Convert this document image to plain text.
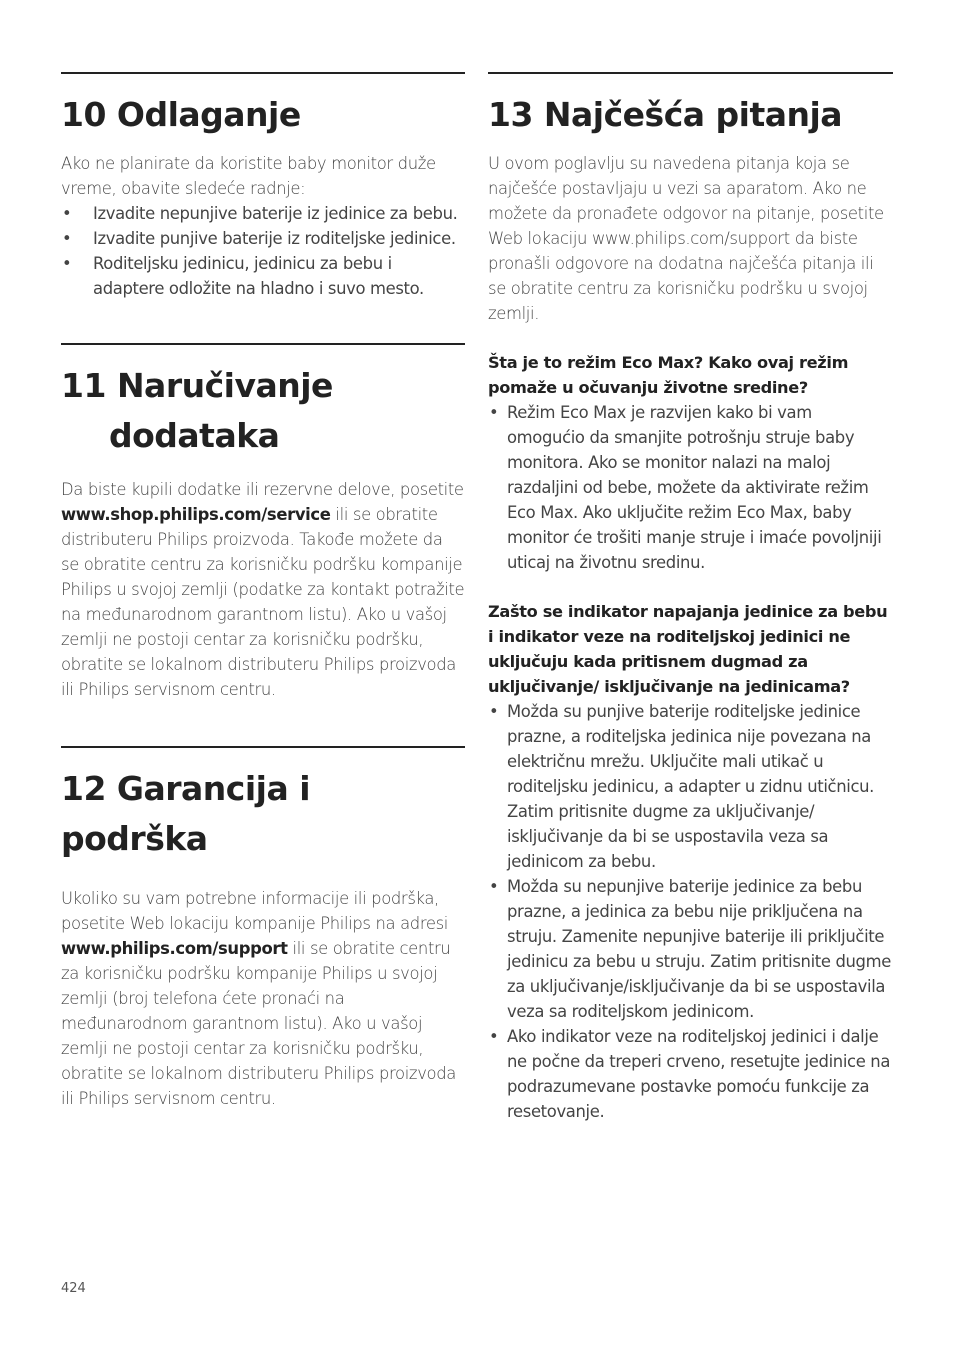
10 Odlaganje

Ako ne planirate da koristite baby monitor duže vreme, obavite sledeće radnje:

• Izvadite nepunjive baterije iz jedinice za bebu.
• Izvadite punjive baterije iz roditeljske jedinice.
• Roditeljsku jedinicu, jedinicu za bebu i adaptere odložite na hladno i suvo mesto.
11 Naručivanje
dodataka

Da biste kupili dodatke ili rezervne delove, posetite www.shop.philips.com/service ili se obratite distributeru Philips proizvoda. Takođe možete da se obratite centru za korisničku podršku kompanije Philips u svojoj zemlji (podatke za kontakt potražite na međunarodnom garantnom listu). Ako u vašoj zemlji ne postoji centar za korisničku podršku, obratite se lokalnom distributeru Philips proizvoda ili Philips servisnom centru.

12 Garancija i podrška

Ukoliko su vam potrebne informacije ili podrška, posetite Web lokaciju kompanije Philips na adresi www.philips.com/support ili se obratite centru za korisničku podršku kompanije Philips u svojoj zemlji (broj telefona ćete pronaći na međunarodnom garantnom listu). Ako u vašoj zemlji ne postoji centar za korisničku podršku, obratite se lokalnom distributeru Philips proizvoda ili Philips servisnom centru.

13 Najčešća pitanja

U ovom poglavlju su navedena pitanja koja se najčešće postavljaju u vezi sa aparatom. Ako ne možete da pronađete odgovor na pitanje, posetite Web lokaciju www.philips.com/support da biste pronašli odgovore na dodatna najčešća pitanja ili se obratite centru za korisničku podršku u svojoj zemlji.

Šta je to režim Eco Max? Kako ovaj režim pomaže u očuvanju životne sredine?
• Režim Eco Max je razvijen kako bi vam omogućio da smanjite potrošnju struje baby monitora. Ako se monitor nalazi na maloj razdaljini od bebe, možete da aktivirate režim Eco Max. Ako uključite režim Eco Max, baby monitor će trošiti manje struje i imaće povoljniji uticaj na životnu sredinu.
Zašto se indikator napajanja jedinice za bebu i indikator veze na roditeljskoj jedinici ne uključuju kada pritisnem dugmad za uključivanje/ isključivanje na jedinicama?
• Možda su punjive baterije roditeljske jedinice prazne, a roditeljska jedinica nije povezana na električnu mrežu. Uključite mali utikač u roditeljsku jedinicu, a adapter u zidnu utičnicu. Zatim pritisnite dugme za uključivanje/ isključivanje da bi se uspostavila veza sa jedinicom za bebu.
• Možda su nepunjive baterije jedinice za bebu prazne, a jedinica za bebu nije priključena na struju. Zamenite nepunjive baterije ili priključite jedinicu za bebu u struju. Zatim pritisnite dugme za uključivanje/isključivanje da bi se uspostavila veza sa roditeljskom jedinicom.
• Ako indikator veze na roditeljskoj jedinici i dalje ne počne da treperi crveno, resetujte jedinice na podrazumevane postavke pomoću funkcije za resetovanje.
424
